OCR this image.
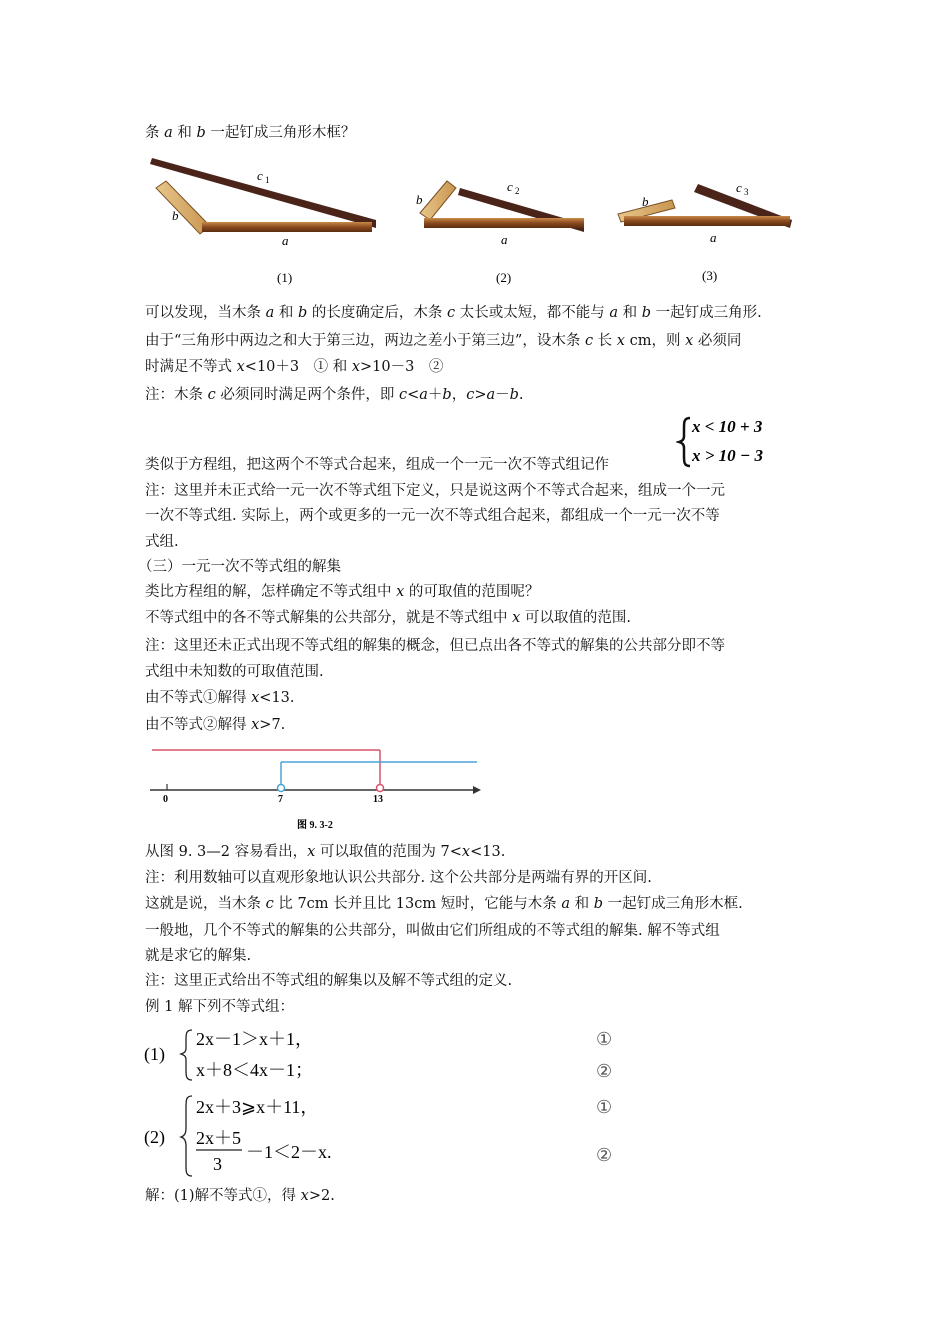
条 a 和 b 一起钉成三角形木框？
c 1
b
a
(1)
c 2
b
a
(2)
c 3
b
a
(3)
可以发现，当木条 a 和 b 的长度确定后，木条 c 太长或太短，都不能与 a 和 b 一起钉成三角形.
由于“三角形中两边之和大于第三边，两边之差小于第三边”，设木条 c 长 x cm，则 x 必须同
时满足不等式 x<10＋3　① 和 x>10－3　②
注：木条 c 必须同时满足两个条件，即 c<a＋b，c>a－b.
x < 10 + 3
x > 10 − 3
类似于方程组，把这两个不等式合起来，组成一个一元一次不等式组记作
注：这里并未正式给一元一次不等式组下定义，只是说这两个不等式合起来，组成一个一元
一次不等式组. 实际上，两个或更多的一元一次不等式组合起来，都组成一个一元一次不等
式组.
（三）一元一次不等式组的解集
类比方程组的解，怎样确定不等式组中 x 的可取值的范围呢？
不等式组中的各不等式解集的公共部分，就是不等式组中 x 可以取值的范围.
注：这里还未正式出现不等式组的解集的概念，但已点出各不等式的解集的公共部分即不等
式组中未知数的可取值范围.
由不等式①解得 x<13.
由不等式②解得 x>7.
0	7	13
图 9. 3-2
从图 9. 3—2 容易看出，x 可以取值的范围为 7<x<13.
注：利用数轴可以直观形象地认识公共部分. 这个公共部分是两端有界的开区间.
这就是说，当木条 c 比 7cm 长并且比 13cm 短时，它能与木条 a 和 b 一起钉成三角形木框.
一般地，几个不等式的解集的公共部分，叫做由它们所组成的不等式组的解集. 解不等式组
就是求它的解集.
注：这里正式给出不等式组的解集以及解不等式组的定义.
例 1 解下列不等式组：
(1)
2x－1＞x＋1，
x＋8＜4x－1；
①
②
(2)
2x＋3⩾x＋11，
2x＋5
3
－1＜2－x.
①
②
解：(1)解不等式①，得 x>2.
